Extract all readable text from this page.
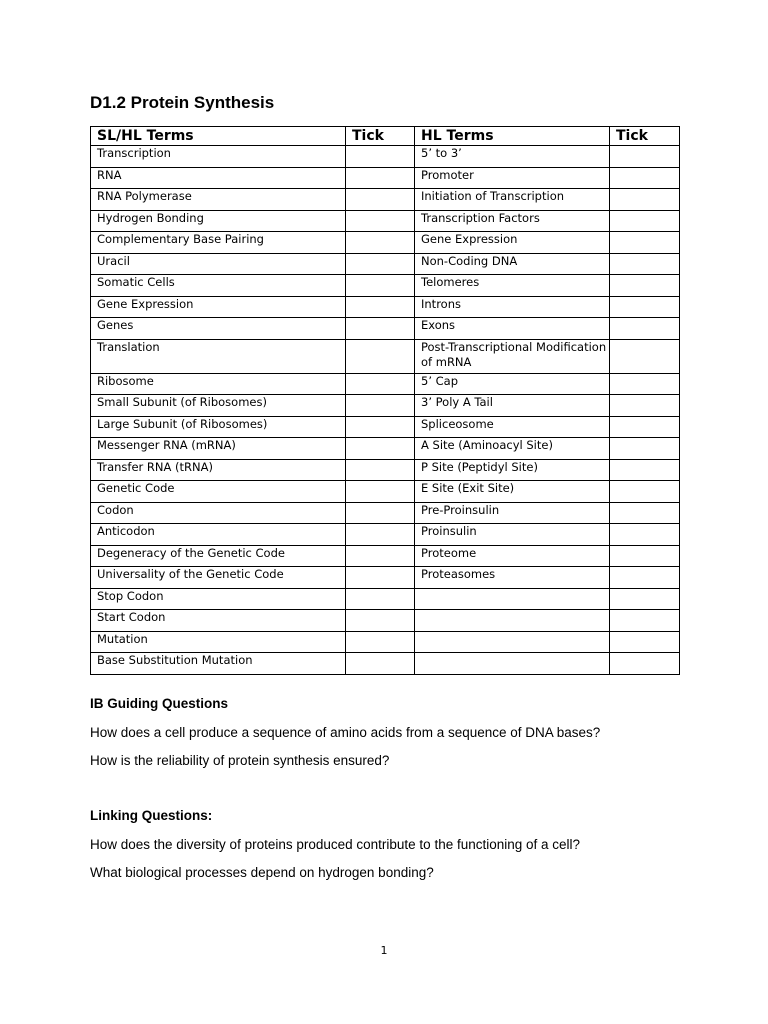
D1.2 Protein Synthesis
SL/HL Terms	Tick	HL Terms	Tick
Transcription		5’ to 3’	
RNA		Promoter	
RNA Polymerase		Initiation of Transcription	
Hydrogen Bonding		Transcription Factors	
Complementary Base Pairing		Gene Expression	
Uracil		Non-Coding DNA	
Somatic Cells		Telomeres	
Gene Expression		Introns	
Genes		Exons	
Translation		Post-Transcriptional Modification of mRNA	
Ribosome		5’ Cap	
Small Subunit (of Ribosomes)		3’ Poly A Tail	
Large Subunit (of Ribosomes)		Spliceosome	
Messenger RNA (mRNA)		A Site (Aminoacyl Site)	
Transfer RNA (tRNA)		P Site (Peptidyl Site)	
Genetic Code		E Site (Exit Site)	
Codon		Pre-Proinsulin	
Anticodon		Proinsulin	
Degeneracy of the Genetic Code		Proteome	
Universality of the Genetic Code		Proteasomes	
Stop Codon			
Start Codon			
Mutation			
Base Substitution Mutation			
IB Guiding Questions

How does a cell produce a sequence of amino acids from a sequence of DNA bases?

How is the reliability of protein synthesis ensured?

Linking Questions:

How does the diversity of proteins produced contribute to the functioning of a cell?

What biological processes depend on hydrogen bonding?

1
